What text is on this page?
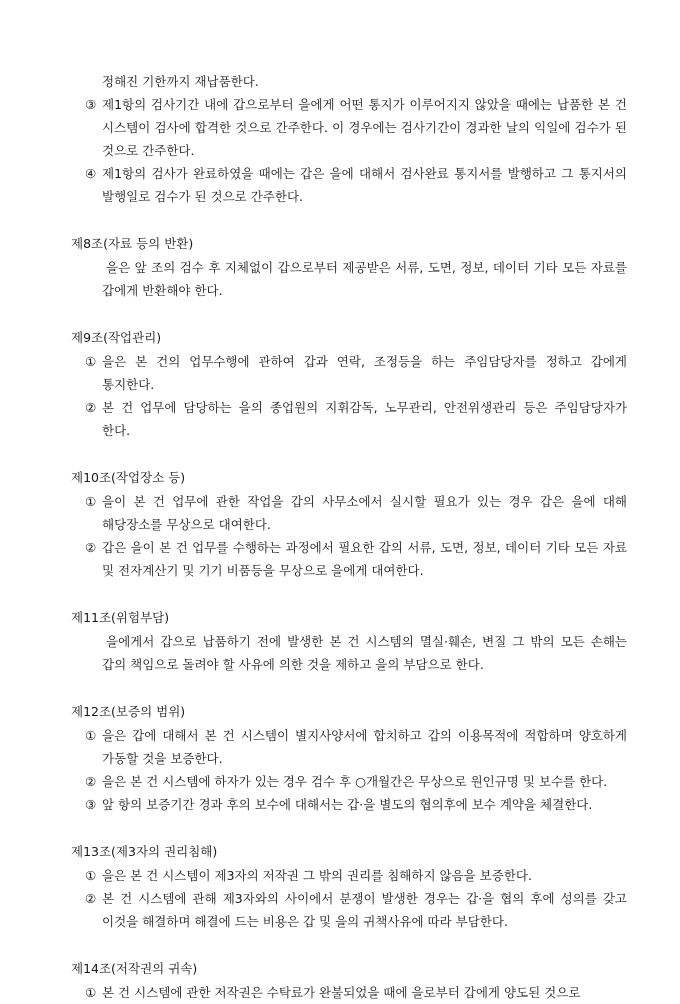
정해진 기한까지 재납품한다.
③ 제1항의 검사기간 내에 갑으로부터 을에게 어떤 통지가 이루어지지 않았을 때에는 납품한 본 건 시스템이 검사에 합격한 것으로 간주한다. 이 경우에는 검사기간이 경과한 날의 익일에 검수가 된 것으로 간주한다.
④ 제1항의 검사가 완료하였을 때에는 갑은 을에 대해서 검사완료 통지서를 발행하고 그 통지서의 발행일로 검수가 된 것으로 간주한다.
제8조(자료 등의 반환)
을은 앞 조의 검수 후 지체없이 갑으로부터 제공받은 서류, 도면, 정보, 데이터 기타 모든 자료를 갑에게 반환해야 한다.
제9조(작업관리)
① 을은 본 건의 업무수행에 관하여 갑과 연락, 조정등을 하는 주임담당자를 정하고 갑에게 통지한다.
② 본 건 업무에 담당하는 을의 종업원의 지휘감독, 노무관리, 안전위생관리 등은 주임담당자가 한다.
제10조(작업장소 등)
① 을이 본 건 업무에 관한 작업을 갑의 사무소에서 실시할 필요가 있는 경우 갑은 을에 대해 해당장소를 무상으로 대여한다.
② 갑은 을이 본 건 업무를 수행하는 과정에서 필요한 갑의 서류, 도면, 정보, 데이터 기타 모든 자료 및 전자계산기 및 기기 비품등을 무상으로 을에게 대여한다.
제11조(위험부담)
을에게서 갑으로 납품하기 전에 발생한 본 건 시스템의 멸실·훼손, 변질 그 밖의 모든 손해는 갑의 책임으로 돌려야 할 사유에 의한 것을 제하고 을의 부담으로 한다.
제12조(보증의 범위)
① 을은 갑에 대해서 본 건 시스템이 별지사양서에 합치하고 갑의 이용목적에 적합하며 양호하게 가동할 것을 보증한다.
② 을은 본 건 시스템에 하자가 있는 경우 검수 후 ○개월간은 무상으로 원인규명 및 보수를 한다.
③ 앞 항의 보증기간 경과 후의 보수에 대해서는 갑·을 별도의 협의후에 보수 계약을 체결한다.
제13조(제3자의 권리침해)
① 을은 본 건 시스템이 제3자의 저작권 그 밖의 권리를 침해하지 않음을 보증한다.
② 본 건 시스템에 관해 제3자와의 사이에서 분쟁이 발생한 경우는 갑·을 협의 후에 성의를 갖고 이것을 해결하며 해결에 드는 비용은 갑 및 을의 귀책사유에 따라 부담한다.
제14조(저작권의 귀속)
① 본 건 시스템에 관한 저작권은 수탁료가 완불되었을 때에 을로부터 갑에게 양도된 것으로
